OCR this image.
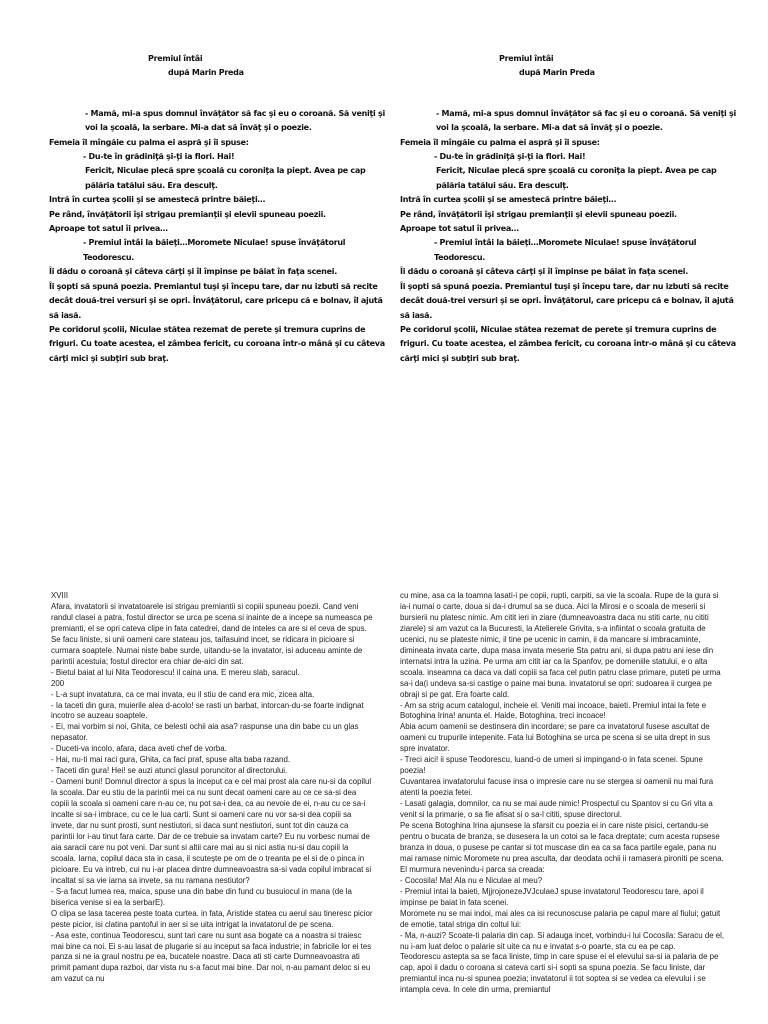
Premiul întâi
după Marin Preda

- Mamă, mi-a spus domnul învăţător să fac şi eu o coroană. Să veniţi şi voi la şcoală, la serbare. Mi-a dat să învăţ şi o poezie.

Femeia îl mîngăie cu palma ei aspră şi îi spuse:

- Du-te în grădiniţă şi-ţi ia flori. Hai!

Fericit, Niculae plecă spre şcoală cu coroniţa la piept. Avea pe cap pălăria tatălui său. Era desculţ.

Intră în curtea şcolii şi se amestecă printre băieţi…

Pe rând, învăţătorii îşi strigau premianţii şi elevii spuneau poezii.

Aproape tot satul îi privea…

- Premiul întâi la băieţi…Moromete Niculae! spuse învăţătorul Teodorescu.

Îi dădu o coroană şi câteva cărţi şi îl împinse pe băiat în faţa scenei.

Îi şopti să spună poezia. Premiantul tuşi şi începu tare, dar nu izbuti să recite decât două-trei versuri şi se opri. Învăţătorul, care pricepu că e bolnav, îl ajută să iasă.

Pe coridorul şcolii, Niculae stătea rezemat de perete şi tremura cuprins de friguri. Cu toate acestea, el zâmbea fericit, cu coroana într-o mână şi cu câteva cărţi mici şi subţiri sub braţ.

Premiul întâi
după Marin Preda

- Mamă, mi-a spus domnul învăţător să fac şi eu o coroană. Să veniţi şi voi la şcoală, la serbare. Mi-a dat să învăţ şi o poezie.

Femeia îl mîngăie cu palma ei aspră şi îi spuse:

- Du-te în grădiniţă şi-ţi ia flori. Hai!

Fericit, Niculae plecă spre şcoală cu coroniţa la piept. Avea pe cap pălăria tatălui său. Era desculţ.

Intră în curtea şcolii şi se amestecă printre băieţi…

Pe rând, învăţătorii îşi strigau premianţii şi elevii spuneau poezii.

Aproape tot satul îi privea…

- Premiul întâi la băieţi…Moromete Niculae! spuse învăţătorul Teodorescu.

Îi dădu o coroană şi câteva cărţi şi îl împinse pe băiat în faţa scenei.

Îi şopti să spună poezia. Premiantul tuşi şi începu tare, dar nu izbuti să recite decât două-trei versuri şi se opri. Învăţătorul, care pricepu că e bolnav, îl ajută să iasă.

Pe coridorul şcolii, Niculae stătea rezemat de perete şi tremura cuprins de friguri. Cu toate acestea, el zâmbea fericit, cu coroana într-o mână şi cu câteva cărţi mici şi subţiri sub braţ.

XVIII

Afara, invatatorii si invatatoarele isi strigau premiantii si copiii spuneau poezii. Cand veni randul clasei a patra, fostul director se urca pe scena si inainte de a incepe sa numeasca pe premianti, el se opri cateva clipe in fata catedrei, dand de inteles ca are si el ceva de spus. Se facu liniste, si unii oameni care stateau jos, taifasuind incet, se ridicara in picioare si curmara soaptele. Numai niste babe surde, uitandu-se la invatator, isi aduceau aminte de parintii acestuia; fostul director era chiar de-aici din sat.

- Bietul baiat al lui Nita Teodorescu! il caina una. E mereu slab, saracul.

200

- L-a supt invatatura, ca ce mai invata, eu il stiu de cand era mic, zicea alta.

- Ia taceti din gura, muierile alea d-acolo! se rasti un barbat, intorcan-du-se foarte indignat incotro se auzeau soaptele.

- Ei, mai vorbim si noi, Ghita, ce belesti ochii aia asa? raspunse una din babe cu un glas nepasator.

- Duceti-va incolo, afara, daca aveti chef de vorba.

- Hai, nu-ti mai raci gura, Ghita, ca faci praf, spuse alta baba razand.

- Taceti din gura! Hei! se auzi atunci glasul poruncitor al directorului.

- Oameni buni! Domnul director a spus la inceput ca e cel mai prost ala care nu-si da copilul la scoala. Dar eu stiu de la parintii mei ca nu sunt decat oameni care au ce ce sa-si dea copiii la scoala si oameni care n-au ce, nu pot sa-i dea, ca au nevoie de ei, n-au cu ce sa-i incalte si sa-i imbrace, cu ce le lua carti. Sunt si oameni care nu vor sa-si dea copiii sa invete, dar nu sunt prosti, sunt nestiutori, si daca sunt nestiutori, sunt tot din cauza ca parintii lor i-au tinut fara carte. Dar de ce trebuie sa invatam carte? Eu nu vorbesc numai de aia saracii care nu pot veni. Dar sunt si altii care mai au si nici astia nu-si dau copiii la scoala. Iarna, copilul daca sta in casa, il scutește pe om de o treanta pe el si de o pinca in picioare. Eu va intreb, cui nu i-ar placea dintre dumneavoastra sa-si vada copilul imbracat si incaltat si sa vie iarna sa invete, sa nu ramana nestiutor?

- S-a facut lumea rea, maica, spuse una din babe din fund cu busuiocul in mana (de la biserica venise si ea la serbarE).

O clipa se lasa tacerea peste toata curtea. in fata, Aristide statea cu aerul sau tineresc picior peste picior, isi clatina pantoful in aer si se uita intrigat la invatatorul de pe scena.

- Asa este, continua Teodorescu, sunt tari care nu sunt asa bogate ca a noastra si traiesc mai bine ca noi. Ei s-au lasat de plugarie si au inceput sa faca industrie; in fabricile lor ei tes panza si ne ia graul nostru pe ea, bucatele noastre. Daca ati sti carte Dumneavoastra ati primit pamant dupa razboi, dar vista nu s-a facut mai bine. Dar noi, n-au pamant deloc si eu am vazut ca nu

cu mine, asa ca la toamna lasati-i pe copii, rupti, carpiti, sa vie la scoala. Rupe de la gura si ia-i numai o carte, doua si da-i drumul sa se duca. Aici la Mirosi e o scoala de meserii si bursierii nu platesc nimic. Am citit ieri in ziare (dumneavoastra daca nu stiti carte, nu cititi ziarele) si am vazut ca la Bucuresti, la Atelierele Grivita, s-a infiintat o scoala gratuita de ucenici, nu se plateste nimic, il tine pe ucenic in camin, ii da mancare si imbracaminte, dimineata invata carte, dupa masa invata meserie Sta patru ani, si dupa patru ani iese din internatsi intra la uzina. Pe urma am citit iar ca la Spanfov, pe domeniile statului, e o alta scoala. inseamna ca daca va dati copiii sa faca cel putin patru clase primare, puteti pe urma sa-i da(i undeva sa-si castige o paine mai buna. invatatorul se opri: sudoarea ii curgea pe obraji si pe gat. Era foarte cald.

- Am sa strig acum catalogul, incheie el. Veniti mai incoace, baieti. Premiul intai la fete e Botoghina Irina! anunta el. Haide, Botoghina, treci incoace!

Abia acum oamenii se destinsera din incordare; se pare ca invatatorul fusese ascultat de oameni cu trupurile intepenite. Fata lui Botoghina se urca pe scena si se uita drept in sus spre invatator.

- Treci aici! ii spuse Teodorescu, luand-o de umeri si impingand-o in fata scenei. Spune poezia!

Cuvantarea invatatorului facuse insa o impresie care nu se stergea si oamenii nu mai fura atenti la poezia fetei.

- Lasati galagia, domnilor, ca nu se mai aude nimic! Prospectul cu Spantov si cu Gri vita a venit si la primarie, o sa fie afisat si o sa-l cititi, spuse directorul.

Pe scena Botoghina Irina ajunsese la sfarsit cu poezia ei in care niste pisici, certandu-se pentru o bucata de branza, se dusesera la un cotoi sa le faca dreptate; cum acesta rupsese branza in doua, o pusese pe cantar si tot muscase din ea ca sa faca partile egale, pana nu mai ramase nimic Moromete nu prea asculta, dar deodata ochii ii ramasera pironiti pe scena. El murmura nevenindu-i parca sa creada:

- Cocosila! Ma! Ala nu e Niculae al meu?

- Premiul intai la baieti, MjjrojonezeJVJculaeJ spuse invatatorul Teodorescu tare, apoi il impinse pe baiat in fata scenei.

Moromete nu se mai indoi, mai ales ca isi recunoscuse palaria pe capul mare al fiului; gatuit de emotie, tatal striga din coltul lui:

- Ma, n-auzi? Scoate-ti palaria din cap. Si adauga incet, vorbindu-i lui Cocosila: Saracu de el, nu i-am luat deloc o palarie sit uite ca nu e invatat s-o poarte, sta cu ea pe cap.

Teodorescu astepta sa se faca liniste, timp in care spuse ei el elevului sa-si ia palaria de pe cap, apoi ii dadu o coroana si cateva carti si-i sopti sa spuna poezia. Se facu liniste, dar premiantul inca nu-si spunea poezia; invatatorul ii tot soptea si se vedea ca elevului i se intampla ceva. In cele din urma, premiantul
